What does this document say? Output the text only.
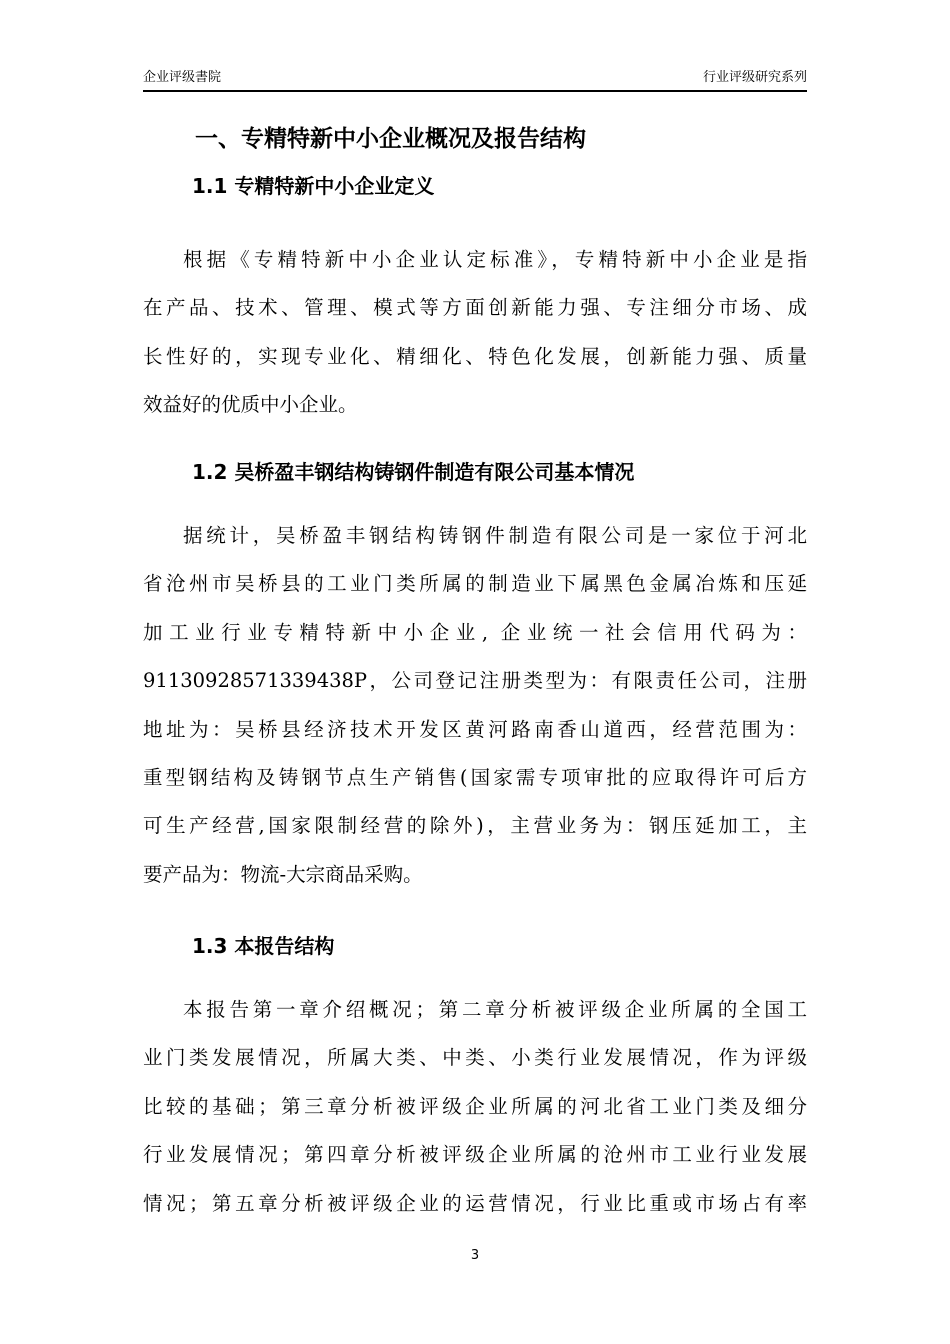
企业评级書院	行业评级研究系列
一、专精特新中小企业概况及报告结构
1.1 专精特新中小企业定义
根据《专精特新中小企业认定标准》，专精特新中小企业是指
在产品、技术、管理、模式等方面创新能力强、专注细分市场、成
长性好的，实现专业化、精细化、特色化发展，创新能力强、质量
效益好的优质中小企业。
1.2 吴桥盈丰钢结构铸钢件制造有限公司基本情况
据统计，吴桥盈丰钢结构铸钢件制造有限公司是一家位于河北
省沧州市吴桥县的工业门类所属的制造业下属黑色金属冶炼和压延
加工业行业专精特新中小企业, 企业统一社会信用代码为：
91130928571339438P，公司登记注册类型为：有限责任公司，注册
地址为：吴桥县经济技术开发区黄河路南香山道西，经营范围为：
重型钢结构及铸钢节点生产销售(国家需专项审批的应取得许可后方
可生产经营,国家限制经营的除外)，主营业务为：钢压延加工，主
要产品为：物流-大宗商品采购。
1.3 本报告结构
本报告第一章介绍概况；第二章分析被评级企业所属的全国工
业门类发展情况，所属大类、中类、小类行业发展情况，作为评级
比较的基础；第三章分析被评级企业所属的河北省工业门类及细分
行业发展情况；第四章分析被评级企业所属的沧州市工业行业发展
情况；第五章分析被评级企业的运营情况，行业比重或市场占有率
3
